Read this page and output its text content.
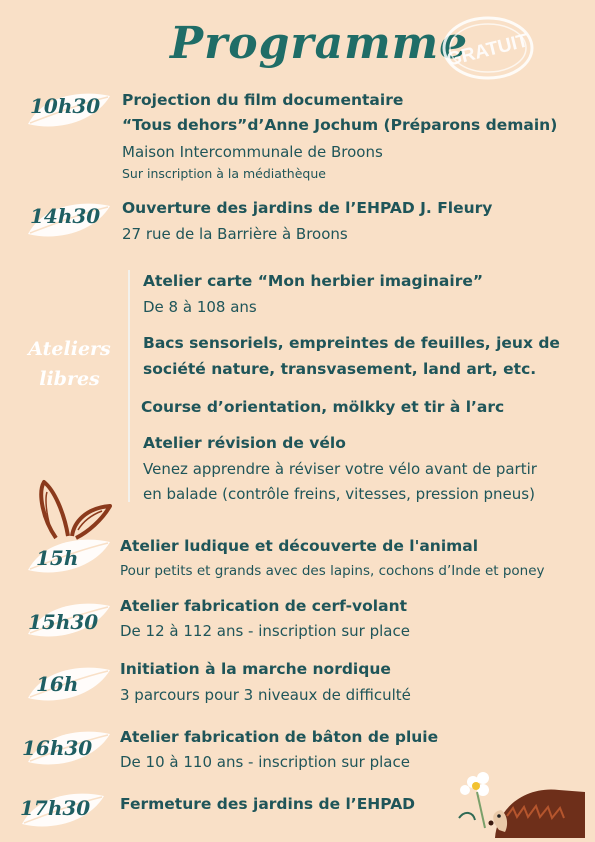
Programme
GRATUIT
10h30 Projection du film documentaire
“Tous dehors”d’Anne Jochum (Préparons demain)
Maison Intercommunale de Broons
Sur inscription à la médiathèque
14h30 Ouverture des jardins de l’EHPAD J. Fleury
27 rue de la Barrière à Broons
Ateliers
libres
Atelier carte “Mon herbier imaginaire”
De 8 à 108 ans
Bacs sensoriels, empreintes de feuilles, jeux de
société nature, transvasement, land art, etc.
Course d’orientation, mölkky et tir à l’arc
Atelier révision de vélo
Venez apprendre à réviser votre vélo avant de partir
en balade (contrôle freins, vitesses, pression pneus)
15h	Atelier ludique et découverte de l'animal
Pour petits et grands avec des lapins, cochons d’Inde et poney
15h30
Atelier fabrication de cerf-volant
De 12 à 112 ans - inscription sur place
16h
Initiation à la marche nordique
3 parcours pour 3 niveaux de difficulté
16h30 Atelier fabrication de bâton de pluie
De 10 à 110 ans - inscription sur place
17h30 Fermeture des jardins de l’EHPAD
